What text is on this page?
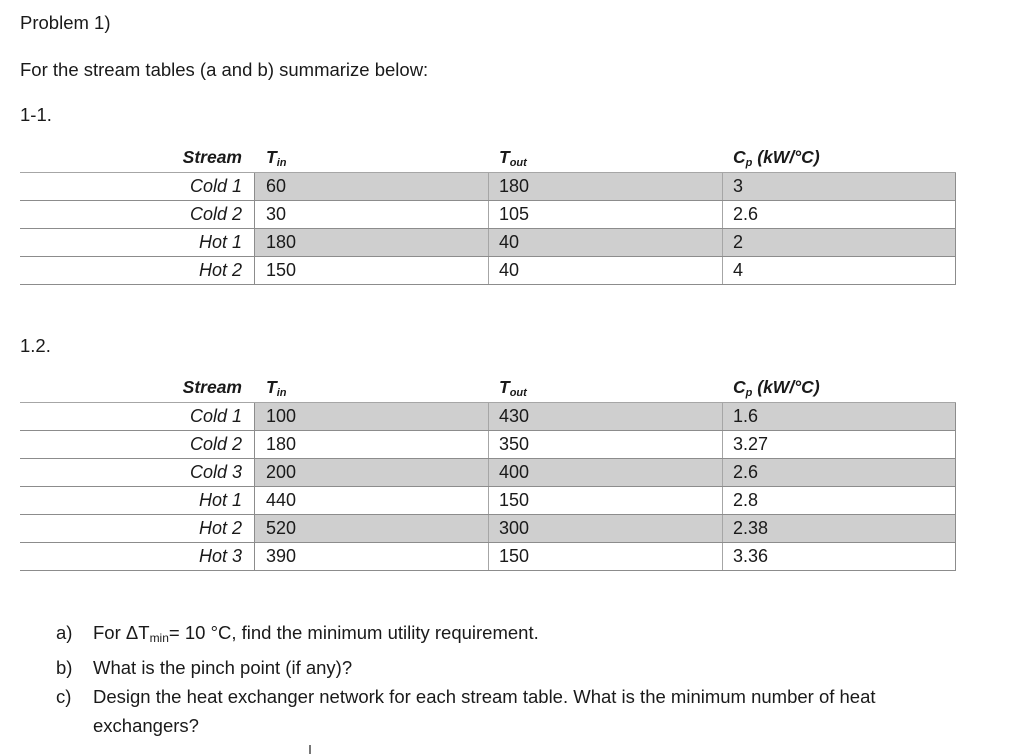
Problem 1)
For the stream tables (a and b) summarize below:
1-1.
Stream $T_{in}$	$T_{out}$	$C_p$ (kW/°C)
Cold 1 60	180	3
Cold 2 30	105	2.6
Hot 1 180	40	2
Hot 2 150	40	4
1.2.
Stream $T_{in}$	$T_{out}$	$C_p$ (kW/°C)
Cold 1 100	430	1.6
Cold 2 180	350	3.27
Cold 3 200	400	2.6
Hot 1 440	150	2.8
Hot 2 520	300	2.38
Hot 3 390	150	3.36
a) For $\Delta T_{min}= 10$ °C, find the minimum utility requirement.
b) What is the pinch point (if any)?
c) Design the heat exchanger network for each stream table. What is the minimum number of heat exchangers?
